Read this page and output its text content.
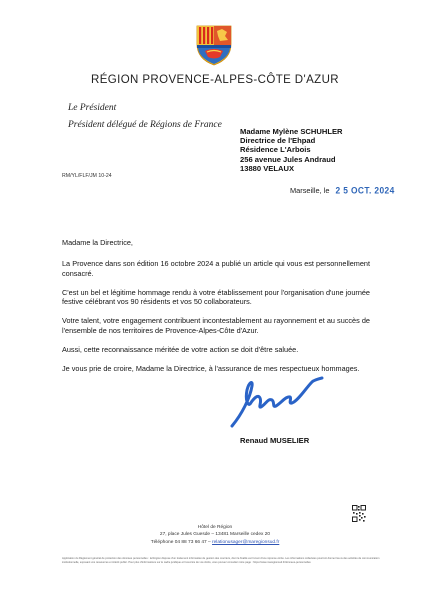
RÉGION PROVENCE-ALPES-CÔTE D'AZUR
Le Président
Président délégué de Régions de France
Madame Mylène SCHUHLER
Directrice de l'Ehpad
Résidence L'Arbois
256 avenue Jules Andraud
13880 VELAUX
RM/YL/FLF/JM 10-24
Marseille, le 2 5 OCT. 2024

Madame la Directrice,

La Provence dans son édition 16 octobre 2024 a publié un article qui vous est personnellement consacré.

C'est un bel et légitime hommage rendu à votre établissement pour l'organisation d'une journée festive célébrant vos 90 résidents et vos 50 collaborateurs.

Votre talent, votre engagement contribuent incontestablement au rayonnement et au succès de l'ensemble de nos territoires de Provence-Alpes-Côte d'Azur.

Aussi, cette reconnaissance méritée de votre action se doit d'être saluée.

Je vous prie de croire, Madame la Directrice, à l'assurance de mes respectueux hommages.

Renaud MUSELIER
Hôtel de Région
27, place Jules Guesde – 13481 Marseille cedex 20
Téléphone 04 88 73 66 47 – relationusager@maregionsud.fr
Application du Règlement général de protection des données personnelles : la Région dispose d'un traitement informatisé de gestion des courriers, dont la finalité est l'envoi d'une réponse écrite. Les informations collectées pourront donner lieu à des activités de communication institutionnelle, exposant vos ressources et intérêt public. Pour plus d'informations sur le cadre juridique et l'exercice de vos droits, vous pouvez consulter notre page : https://www.maregionsud.fr/donnees-personnelles
